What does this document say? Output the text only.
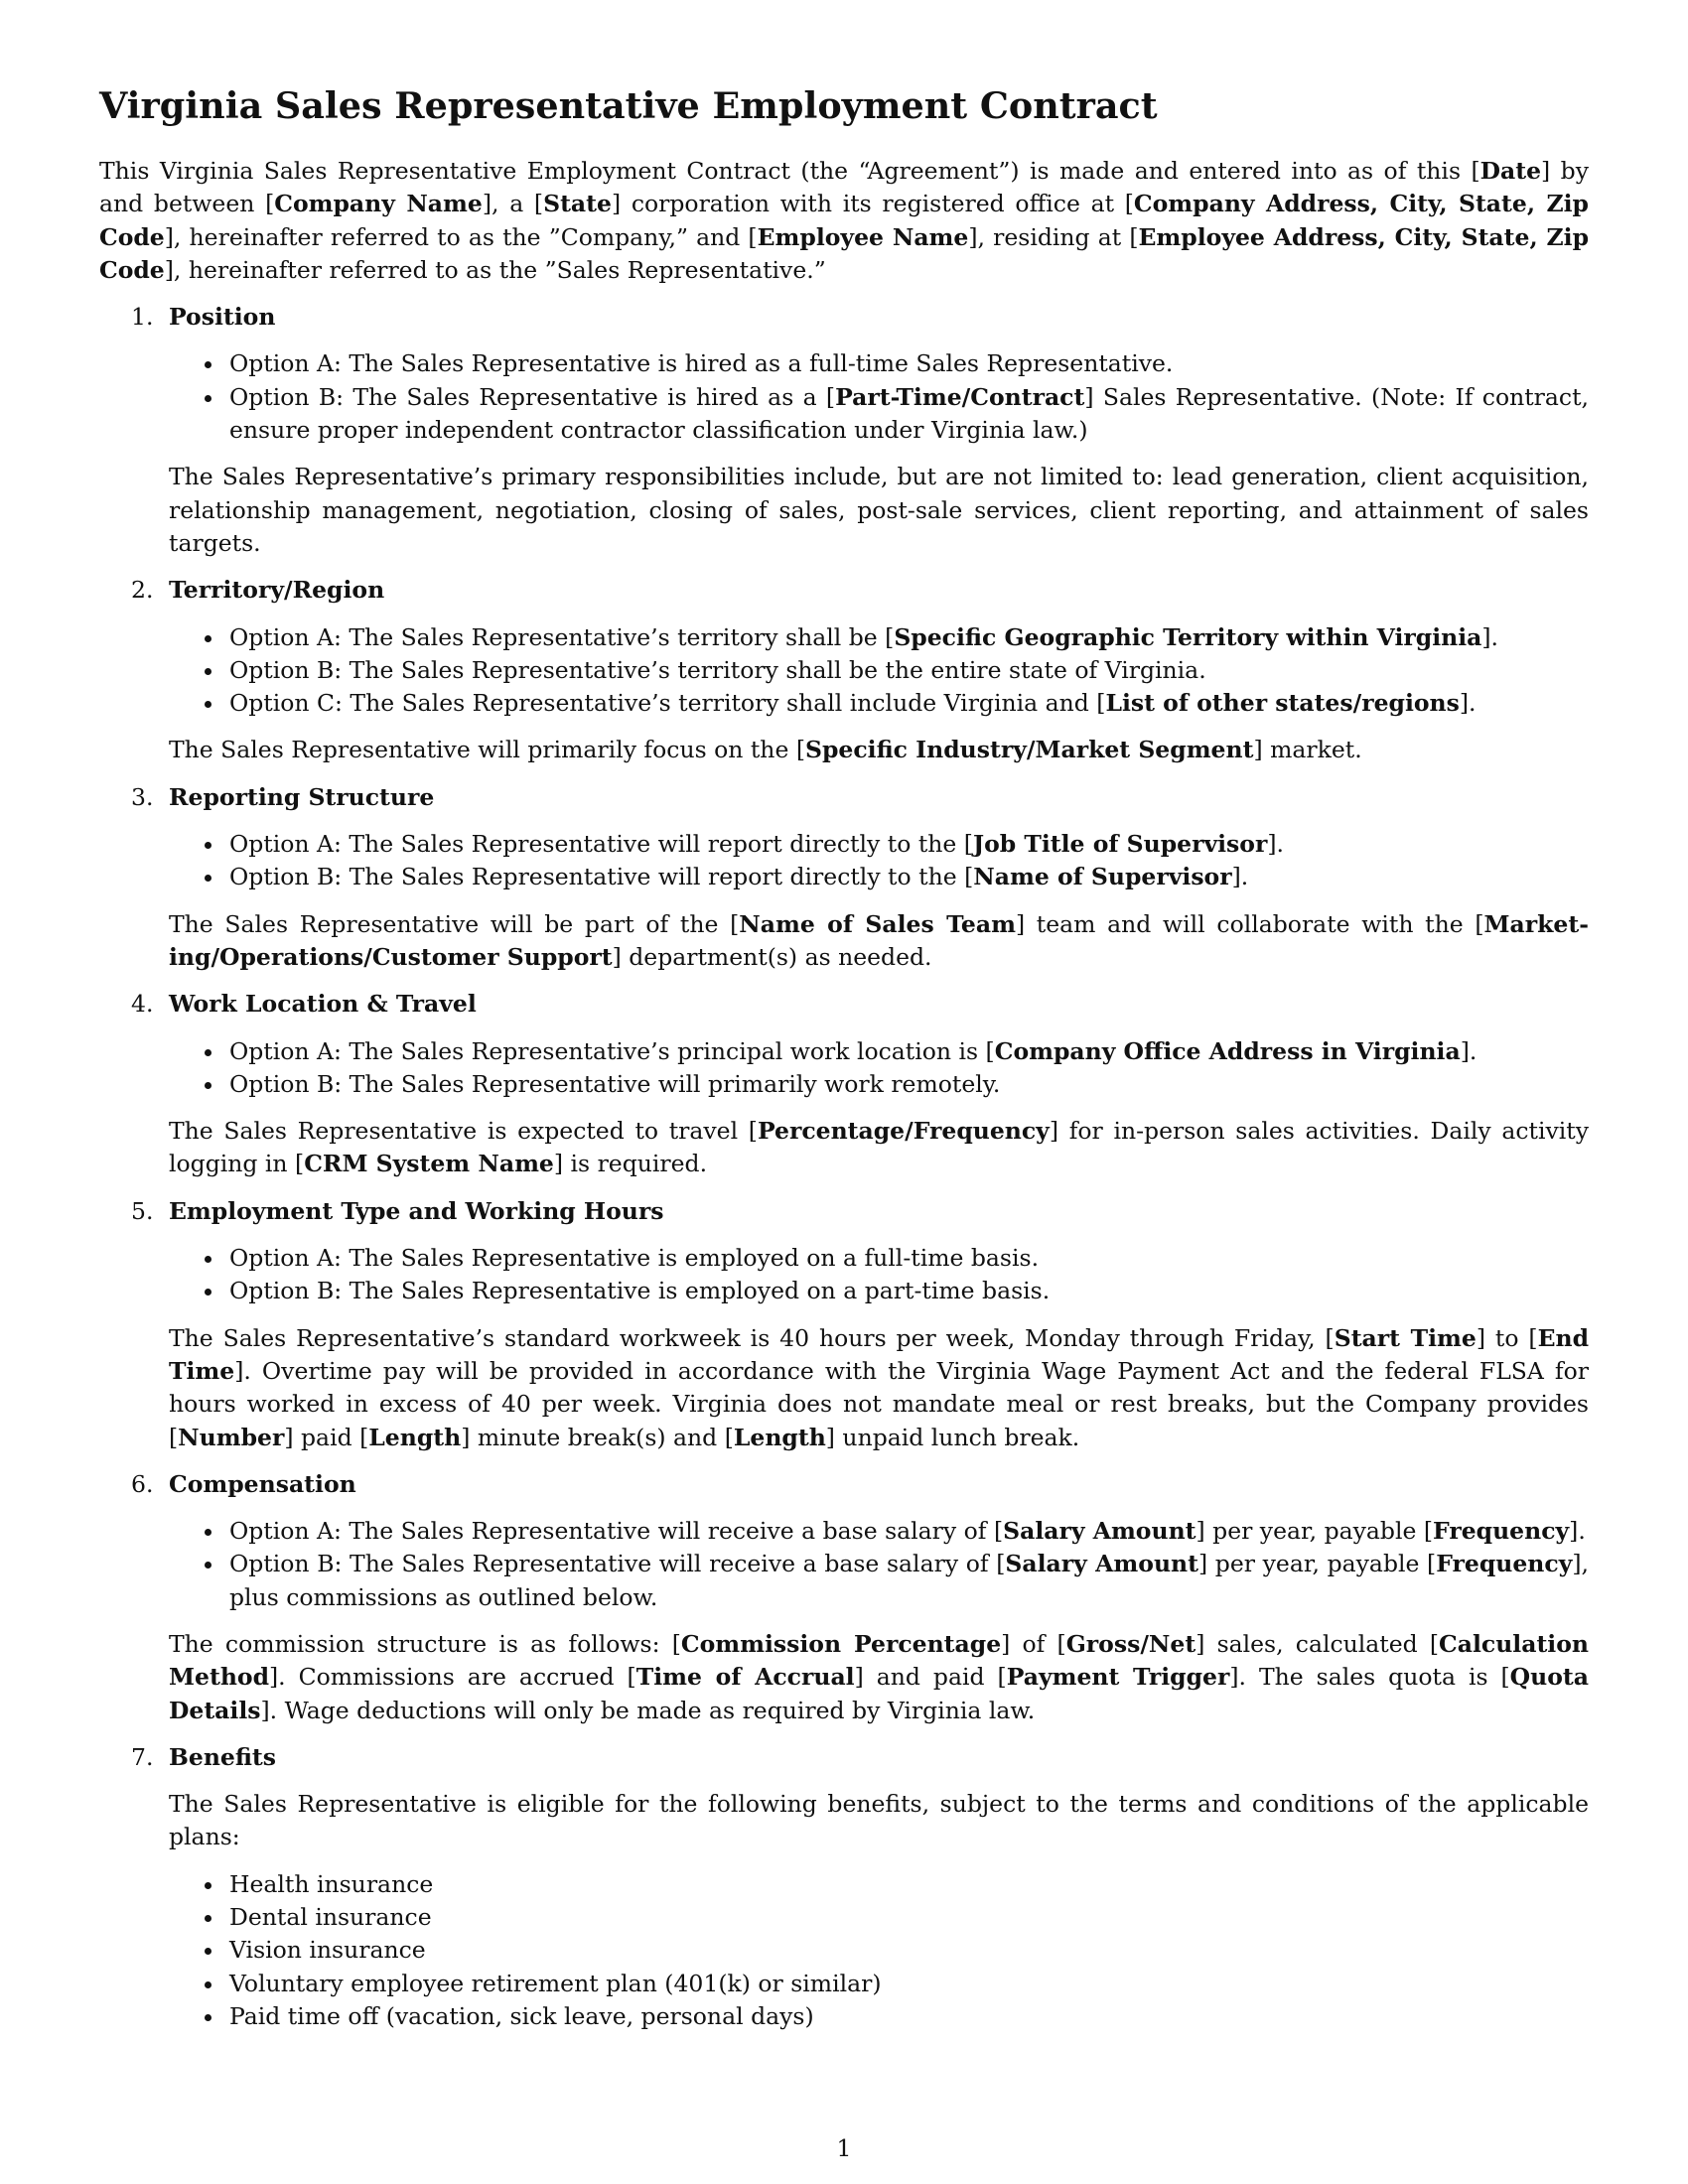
Virginia Sales Representative Employment Contract

This Virginia Sales Representative Employment Contract (the “Agreement”) is made and entered into as of this [Date] by and between [Company Name], a [State] corporation with its registered office at [Company Address, City, State, Zip Code], hereinafter referred to as the ”Company,” and [Employee Name], residing at [Employee Address, City, State, Zip Code], hereinafter referred to as the ”Sales Representative.”

1. Position
Option A: The Sales Representative is hired as a full-time Sales Representative.
Option B: The Sales Representative is hired as a [Part-Time/Contract] Sales Representative. (Note: If contract, ensure proper independent contractor classification under Virginia law.)

The Sales Representative’s primary responsibilities include, but are not limited to: lead generation, client acquisition, relationship management, negotiation, closing of sales, post-sale services, client reporting, and attainment of sales targets.

2. Territory/Region
Option A: The Sales Representative’s territory shall be [Specific Geographic Territory within Virginia].
Option B: The Sales Representative’s territory shall be the entire state of Virginia.
Option C: The Sales Representative’s territory shall include Virginia and [List of other states/regions].

The Sales Representative will primarily focus on the [Specific Industry/Market Segment] market.

3. Reporting Structure
Option A: The Sales Representative will report directly to the [Job Title of Supervisor].
Option B: The Sales Representative will report directly to the [Name of Supervisor].

The Sales Representative will be part of the [Name of Sales Team] team and will collaborate with the [Marketing/Operations/Customer Support] department(s) as needed.

4. Work Location & Travel
Option A: The Sales Representative’s principal work location is [Company Office Address in Virginia].
Option B: The Sales Representative will primarily work remotely.

The Sales Representative is expected to travel [Percentage/Frequency] for in-person sales activities. Daily activity logging in [CRM System Name] is required.

5. Employment Type and Working Hours
Option A: The Sales Representative is employed on a full-time basis.
Option B: The Sales Representative is employed on a part-time basis.

The Sales Representative’s standard workweek is 40 hours per week, Monday through Friday, [Start Time] to [End Time]. Overtime pay will be provided in accordance with the Virginia Wage Payment Act and the federal FLSA for hours worked in excess of 40 per week. Virginia does not mandate meal or rest breaks, but the Company provides [Number] paid [Length] minute break(s) and [Length] unpaid lunch break.

6. Compensation
Option A: The Sales Representative will receive a base salary of [Salary Amount] per year, payable [Frequency].
Option B: The Sales Representative will receive a base salary of [Salary Amount] per year, payable [Frequency], plus commissions as outlined below.

The commission structure is as follows: [Commission Percentage] of [Gross/Net] sales, calculated [Calculation Method]. Commissions are accrued [Time of Accrual] and paid [Payment Trigger]. The sales quota is [Quota Details]. Wage deductions will only be made as required by Virginia law.

7. Benefits

The Sales Representative is eligible for the following benefits, subject to the terms and conditions of the applicable plans:

Health insurance
Dental insurance
Vision insurance
Voluntary employee retirement plan (401(k) or similar)
Paid time off (vacation, sick leave, personal days)
1
